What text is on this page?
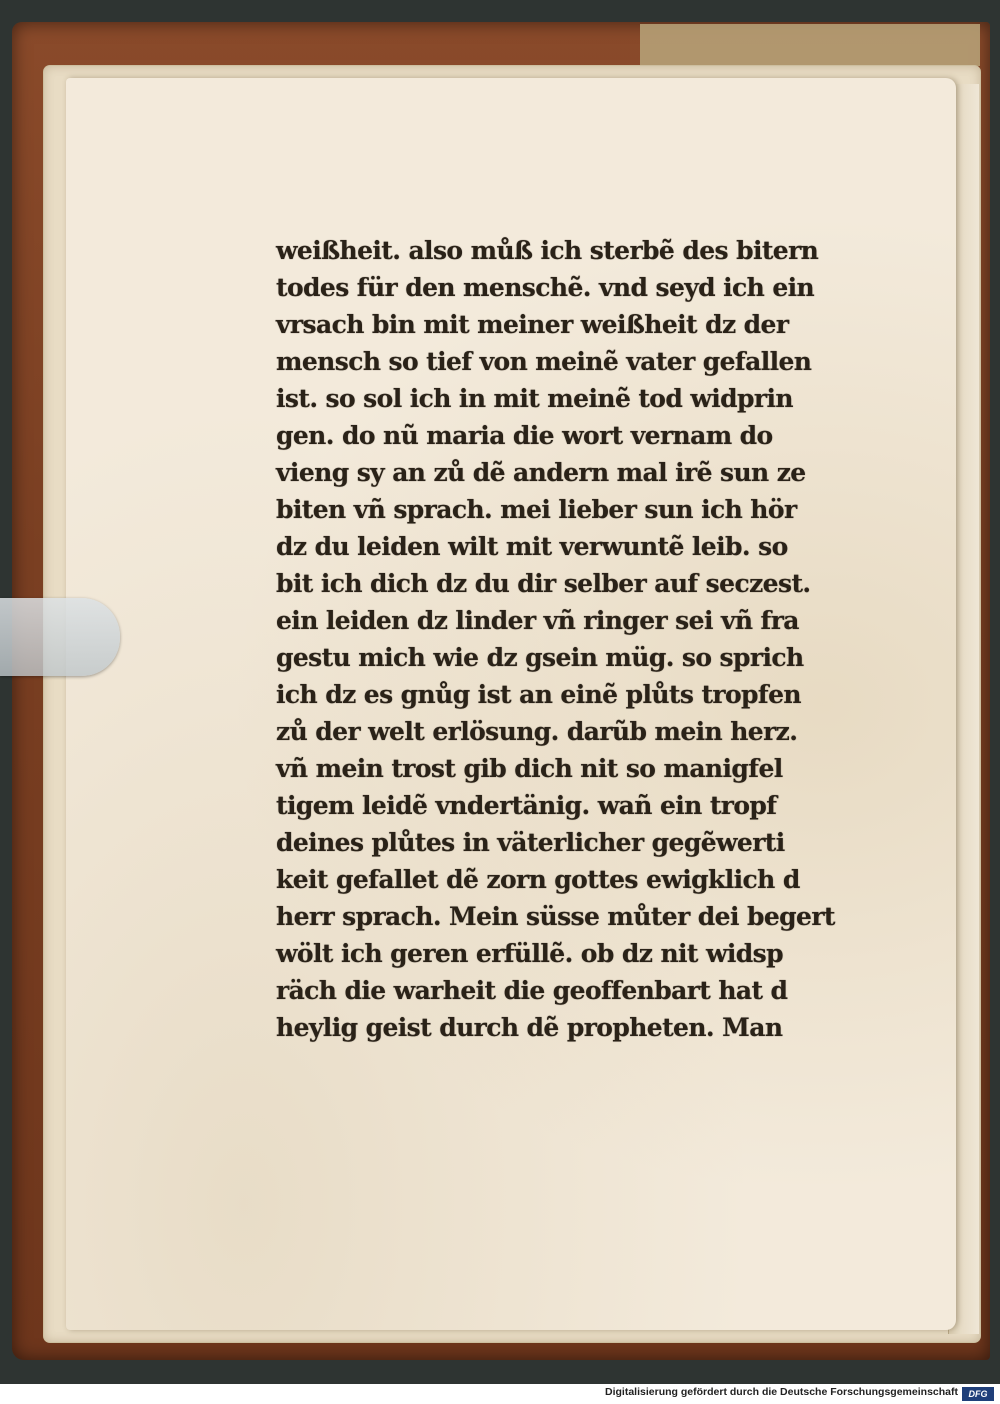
weißheit. also můß ich sterbẽ des bitern
todes für den menschẽ. vnd seyd ich ein
vrsach bin mit meiner weißheit dz der
mensch so tief von meinẽ vater gefallen
ist. so sol ich in mit meinẽ tod widprin
gen. do nũ maria die wort vernam do
vieng sy an zů dẽ andern mal irẽ sun ze
biten vñ sprach. mei lieber sun ich hör
dz du leiden wilt mit verwuntẽ leib. so
bit ich dich dz du dir selber auf seczest.
ein leiden dz linder vñ ringer sei vñ fra
gestu mich wie dz gsein müg. so sprich
ich dz es gnůg ist an einẽ plůts tropfen
zů der welt erlösung. darũb mein herz.
vñ mein trost gib dich nit so manigfel
tigem leidẽ vndertänig. wañ ein tropf
deines plůtes in väterlicher gegẽwerti
keit gefallet dẽ zorn gottes ewigklich d
herr sprach. Mein süsse můter dei begert
wölt ich geren erfüllẽ. ob dz nit widsp
räch die warheit die geoffenbart hat d
heylig geist durch dẽ propheten. Man
Digitalisierung gefördert durch die Deutsche Forschungsgemeinschaft	DFG
